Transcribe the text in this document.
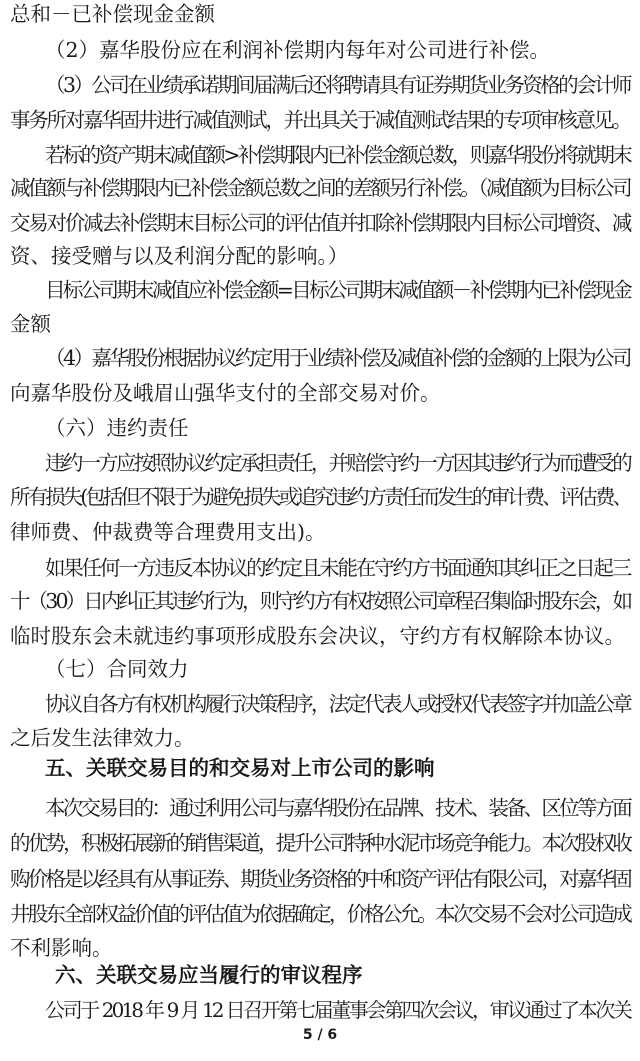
总和－已补偿现金金额
（2）嘉华股份应在利润补偿期内每年对公司进行补偿。
（3）公司在业绩承诺期间届满后还将聘请具有证券期货业务资格的会计师
事务所对嘉华固井进行减值测试，并出具关于减值测试结果的专项审核意见。
若标的资产期末减值额>补偿期限内已补偿金额总数，则嘉华股份将就期末
减值额与补偿期限内已补偿金额总数之间的差额另行补偿。（减值额为目标公司
交易对价减去补偿期末目标公司的评估值并扣除补偿期限内目标公司增资、减
资、接受赠与以及利润分配的影响。）
目标公司期末减值应补偿金额=目标公司期末减值额－补偿期内已补偿现金
金额
（4）嘉华股份根据协议约定用于业绩补偿及减值补偿的金额的上限为公司
向嘉华股份及峨眉山强华支付的全部交易对价。
（六）违约责任
违约一方应按照协议约定承担责任，并赔偿守约一方因其违约行为而遭受的
所有损失(包括但不限于为避免损失或追究违约方责任而发生的审计费、评估费、
律师费、仲裁费等合理费用支出)。
如果任何一方违反本协议的约定且未能在守约方书面通知其纠正之日起三
十（30）日内纠正其违约行为，则守约方有权按照公司章程召集临时股东会，如
临时股东会未就违约事项形成股东会决议，守约方有权解除本协议。
（七）合同效力
协议自各方有权机构履行决策程序，法定代表人或授权代表签字并加盖公章
之后发生法律效力。
五、关联交易目的和交易对上市公司的影响
本次交易目的：通过利用公司与嘉华股份在品牌、技术、装备、区位等方面
的优势，积极拓展新的销售渠道，提升公司特种水泥市场竞争能力。本次股权收
购价格是以经具有从事证券、期货业务资格的中和资产评估有限公司，对嘉华固
井股东全部权益价值的评估值为依据确定，价格公允。本次交易不会对公司造成
不利影响。
六、关联交易应当履行的审议程序
公司于 2018 年 9 月 12 日召开第七届董事会第四次会议，审议通过了本次关
5 / 6
